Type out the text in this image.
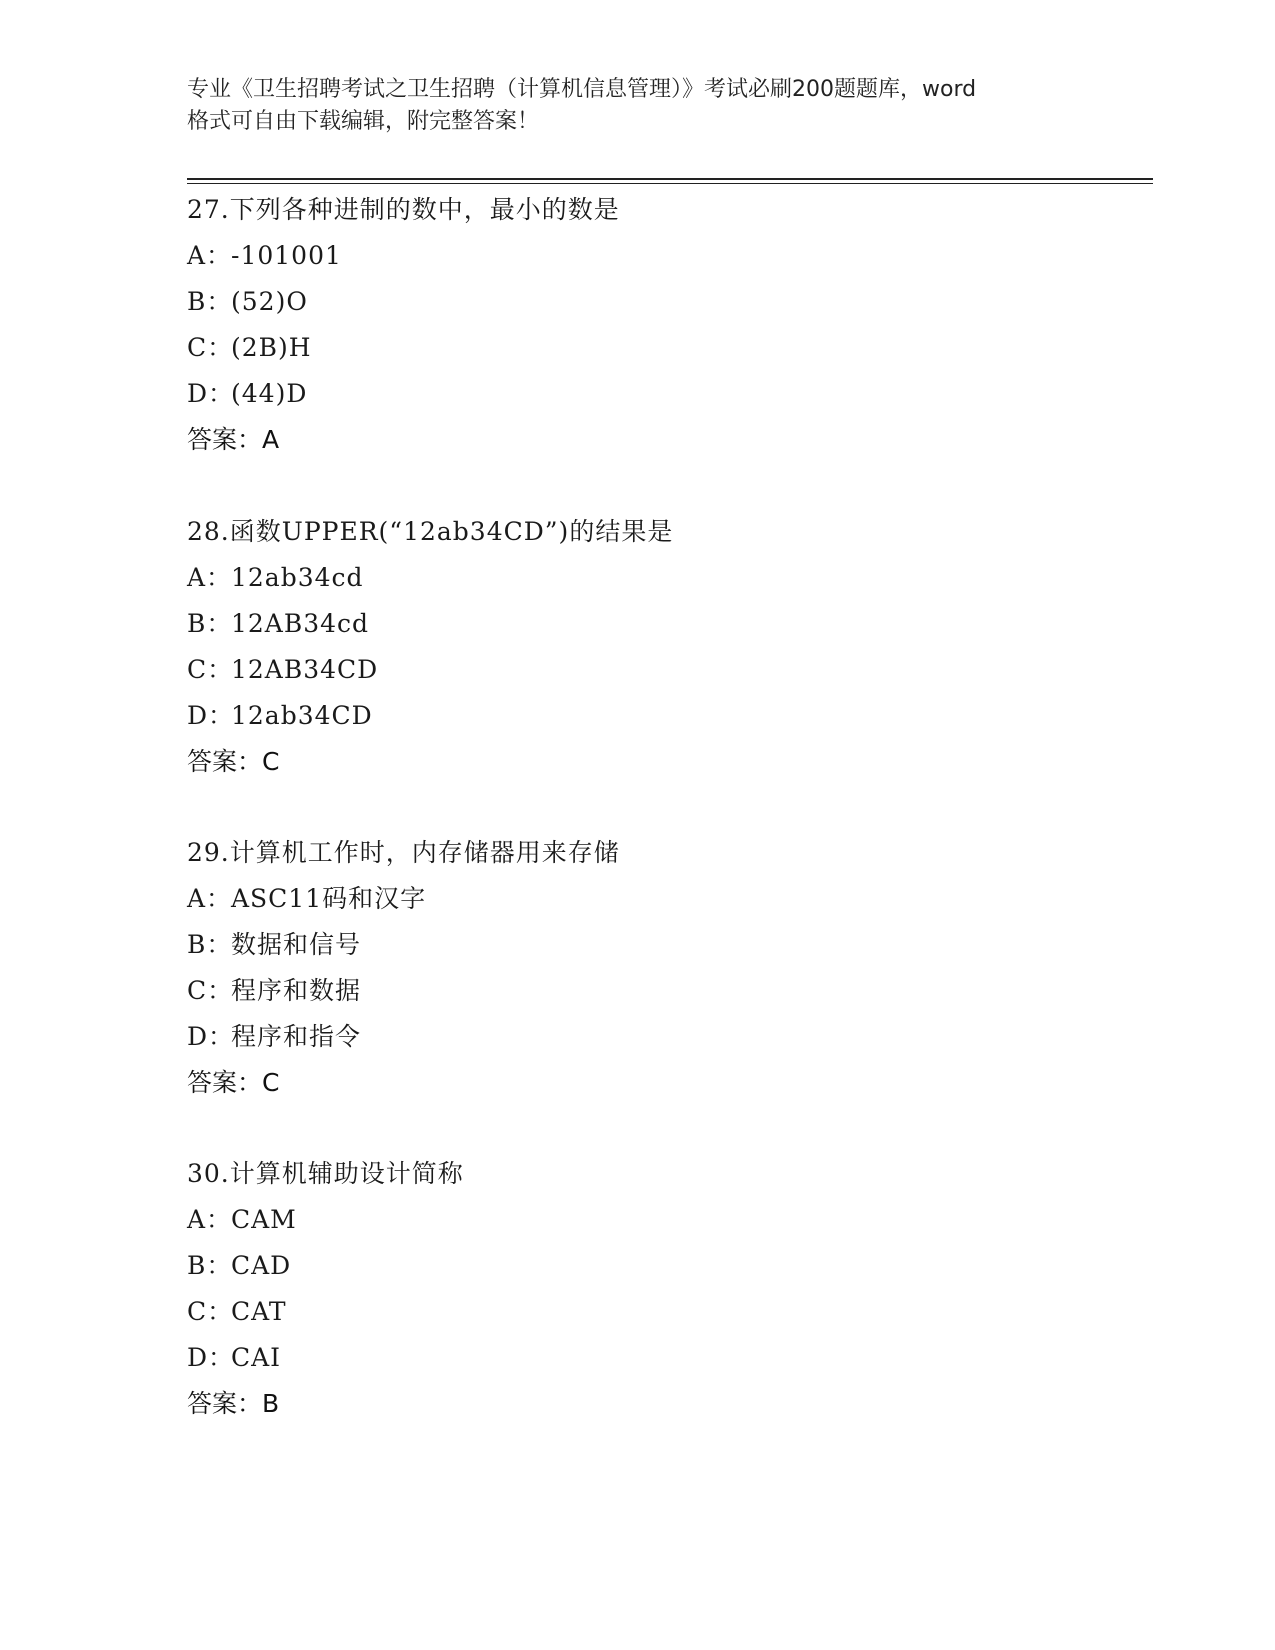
专业《卫生招聘考试之卫生招聘（计算机信息管理）》考试必刷200题题库，word
格式可自由下载编辑，附完整答案！
27.下列各种进制的数中，最小的数是
A：-101001
B：(52)O
C：(2B)H
D：(44)D
答案：A
28.函数UPPER(“12ab34CD”)的结果是
A：12ab34cd
B：12AB34cd
C：12AB34CD
D：12ab34CD
答案：C
29.计算机工作时，内存储器用来存储
A：ASC11码和汉字
B：数据和信号
C：程序和数据
D：程序和指令
答案：C
30.计算机辅助设计简称
A：CAM
B：CAD
C：CAT
D：CAI
答案：B
